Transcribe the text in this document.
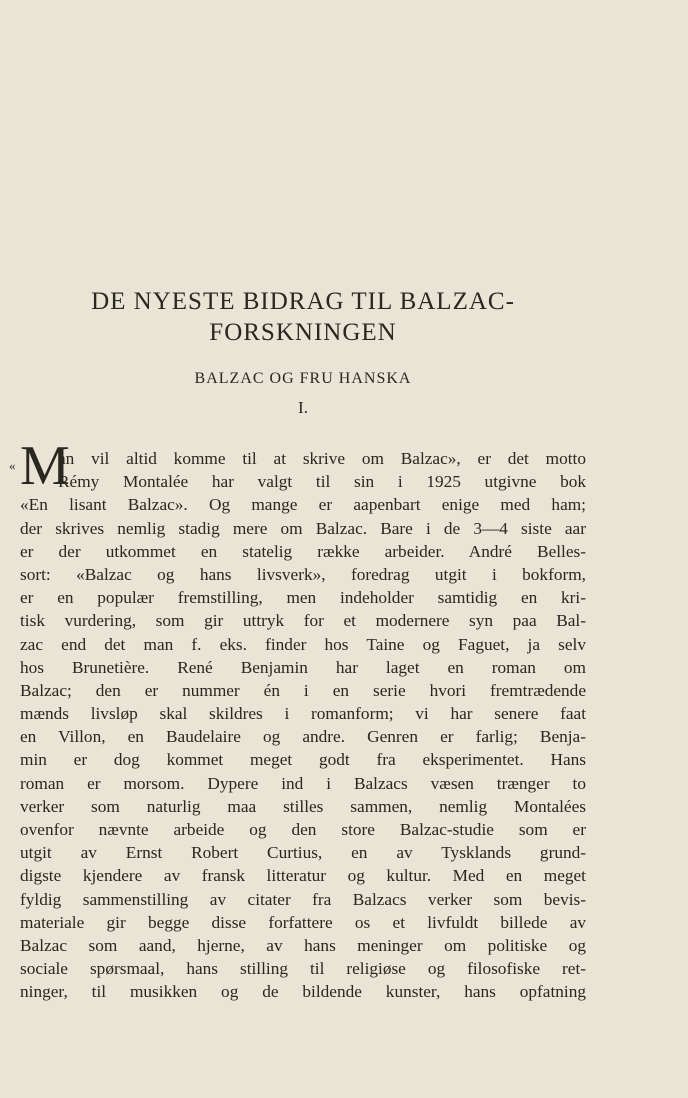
DE NYESTE BIDRAG TIL BALZAC-
FORSKNINGEN
BALZAC OG FRU HANSKA
I.
« M
an vil altid komme til at skrive om Balzac», er det motto
Rémy Montalée har valgt til sin i 1925 utgivne bok
«En lisant Balzac». Og mange er aapenbart enige med ham;
der skrives nemlig stadig mere om Balzac. Bare i de 3—4 siste aar
er der utkommet en statelig række arbeider. André Belles-
sort: «Balzac og hans livsverk», foredrag utgit i bokform,
er en populær fremstilling, men indeholder samtidig en kri-
tisk vurdering, som gir uttryk for et modernere syn paa Bal-
zac end det man f. eks. finder hos Taine og Faguet, ja selv
hos Brunetière. René Benjamin har laget en roman om
Balzac; den er nummer én i en serie hvori fremtrædende
mænds livsløp skal skildres i romanform; vi har senere faat
en Villon, en Baudelaire og andre. Genren er farlig; Benja-
min er dog kommet meget godt fra eksperimentet. Hans
roman er morsom. Dypere ind i Balzacs væsen trænger to
verker som naturlig maa stilles sammen, nemlig Montalées
ovenfor nævnte arbeide og den store Balzac-studie som er
utgit av Ernst Robert Curtius, en av Tysklands grund-
digste kjendere av fransk litteratur og kultur. Med en meget
fyldig sammenstilling av citater fra Balzacs verker som bevis-
materiale gir begge disse forfattere os et livfuldt billede av
Balzac som aand, hjerne, av hans meninger om politiske og
sociale spørsmaal, hans stilling til religiøse og filosofiske ret-
ninger, til musikken og de bildende kunster, hans opfatning
